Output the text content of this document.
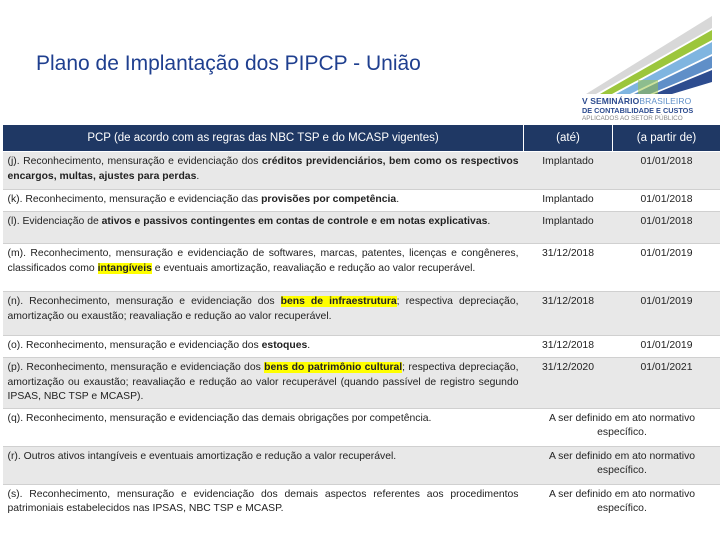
Plano de Implantação dos PIPCP - União
V SEMINÁRIOBRASILEIRO
DE CONTABILIDADE E CUSTOS
APLICADOS AO SETOR PÚBLICO
PCP (de acordo com as regras das NBC TSP e do MCASP vigentes)	(até)	(a partir de)
(j). Reconhecimento, mensuração e evidenciação dos créditos previdenciários, bem como os respectivos encargos, multas, ajustes para perdas.	Implantado	01/01/2018
(k). Reconhecimento, mensuração e evidenciação das provisões por competência.	Implantado	01/01/2018
(l). Evidenciação de ativos e passivos contingentes em contas de controle e em notas explicativas.	Implantado	01/01/2018
(m). Reconhecimento, mensuração e evidenciação de softwares, marcas, patentes, licenças e congêneres, classificados como intangíveis e eventuais amortização, reavaliação e redução ao valor recuperável.	31/12/2018	01/01/2019
(n). Reconhecimento, mensuração e evidenciação dos bens de infraestrutura; respectiva depreciação, amortização ou exaustão; reavaliação e redução ao valor recuperável.	31/12/2018	01/01/2019
(o). Reconhecimento, mensuração e evidenciação dos estoques.	31/12/2018	01/01/2019
(p). Reconhecimento, mensuração e evidenciação dos bens do patrimônio cultural; respectiva depreciação, amortização ou exaustão; reavaliação e redução ao valor recuperável (quando passível de registro segundo IPSAS, NBC TSP e MCASP).	31/12/2020	01/01/2021
(q). Reconhecimento, mensuração e evidenciação das demais obrigações por competência.	A ser definido em ato normativo específico.	
(r). Outros ativos intangíveis e eventuais amortização e redução a valor recuperável.	A ser definido em ato normativo específico.	
(s). Reconhecimento, mensuração e evidenciação dos demais aspectos referentes aos procedimentos patrimoniais estabelecidos nas IPSAS, NBC TSP e MCASP.	A ser definido em ato normativo específico.	
